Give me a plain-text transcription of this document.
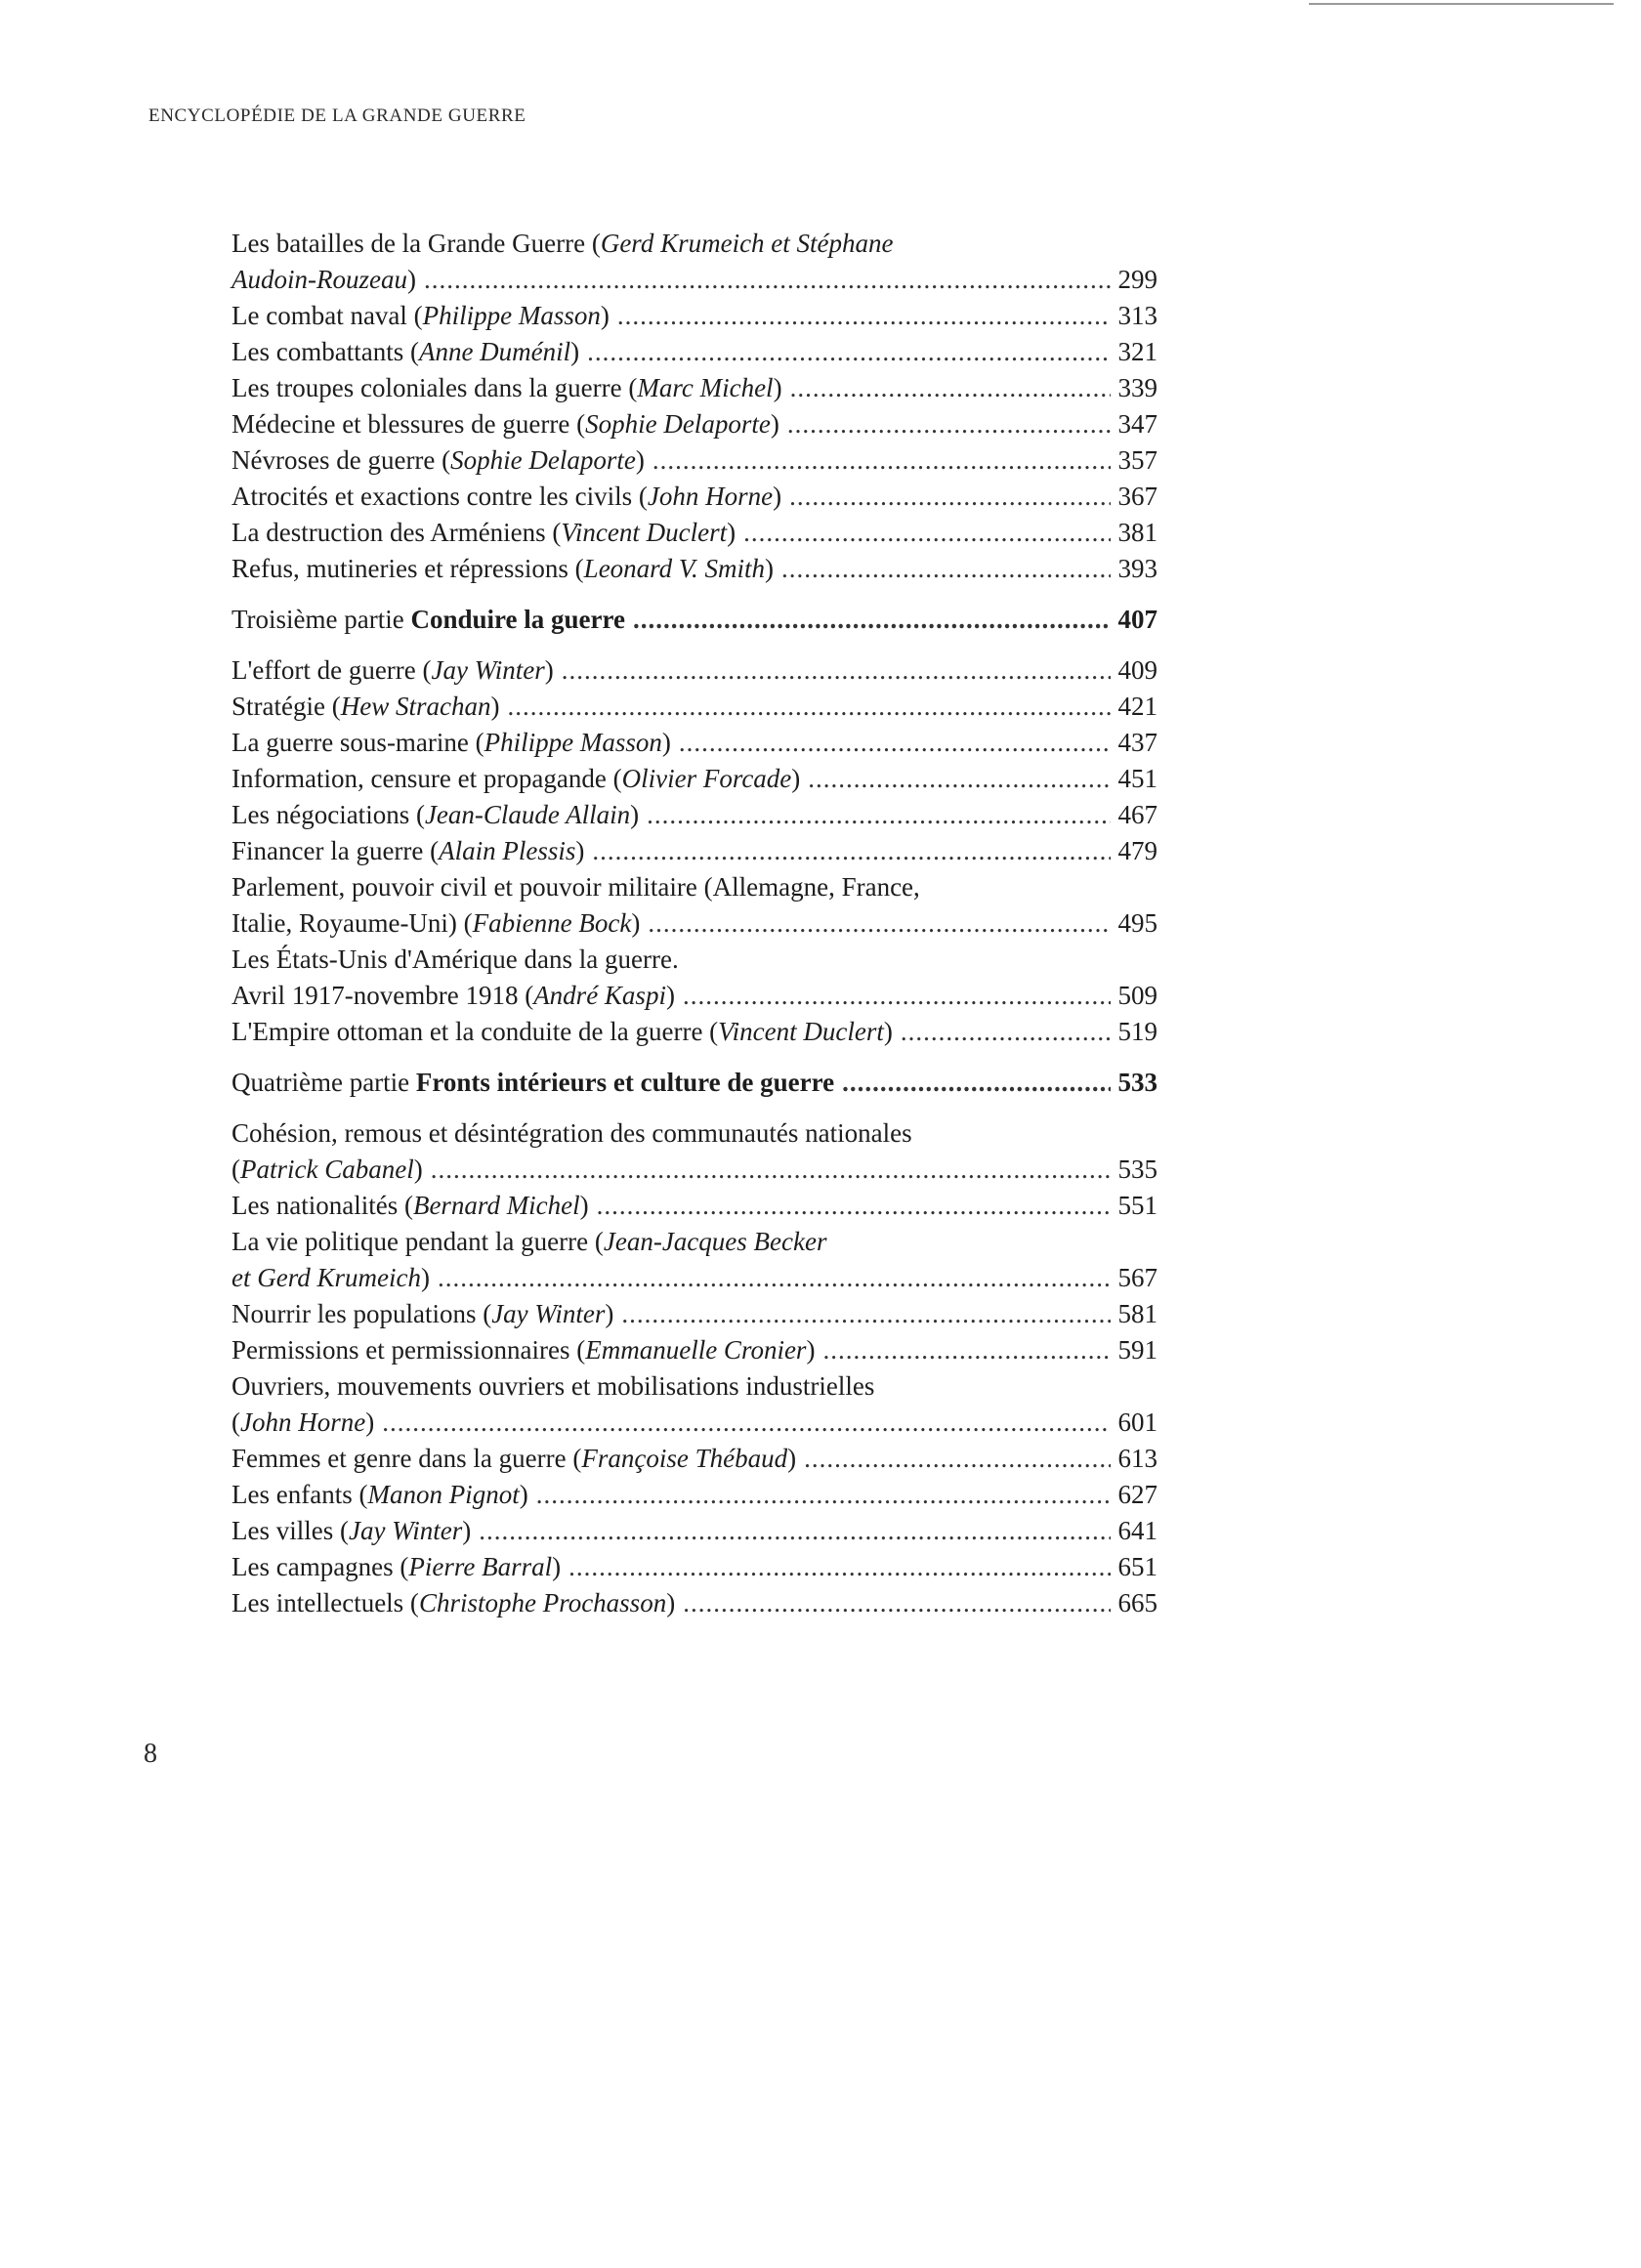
ENCYCLOPÉDIE DE LA GRANDE GUERRE
Les batailles de la Grande Guerre (Gerd Krumeich et Stéphane
Audoin-Rouzeau) .....	299
Le combat naval (Philippe Masson) .....	313
Les combattants (Anne Duménil) .....	321
Les troupes coloniales dans la guerre (Marc Michel) .....	339
Médecine et blessures de guerre (Sophie Delaporte) .....	347
Névroses de guerre (Sophie Delaporte) .....	357
Atrocités et exactions contre les civils (John Horne) .....	367
La destruction des Arméniens (Vincent Duclert) .....	381
Refus, mutineries et répressions (Leonard V. Smith) .....	393
Troisième partie Conduire la guerre .....	407
L'effort de guerre (Jay Winter) .....	409
Stratégie (Hew Strachan) .....	421
La guerre sous-marine (Philippe Masson) .....	437
Information, censure et propagande (Olivier Forcade) .....	451
Les négociations (Jean-Claude Allain) .....	467
Financer la guerre (Alain Plessis) .....	479
Parlement, pouvoir civil et pouvoir militaire (Allemagne, France,
Italie, Royaume-Uni) (Fabienne Bock) .....	495
Les États-Unis d'Amérique dans la guerre.
Avril 1917-novembre 1918 (André Kaspi) .....	509
L'Empire ottoman et la conduite de la guerre (Vincent Duclert) .....	519
Quatrième partie Fronts intérieurs et culture de guerre .....	533
Cohésion, remous et désintégration des communautés nationales
(Patrick Cabanel) .....	535
Les nationalités (Bernard Michel) .....	551
La vie politique pendant la guerre (Jean-Jacques Becker
et Gerd Krumeich) .....	567
Nourrir les populations (Jay Winter) .....	581
Permissions et permissionnaires (Emmanuelle Cronier) .....	591
Ouvriers, mouvements ouvriers et mobilisations industrielles
(John Horne) .....	601
Femmes et genre dans la guerre (Françoise Thébaud) .....	613
Les enfants (Manon Pignot) .....	627
Les villes (Jay Winter) .....	641
Les campagnes (Pierre Barral) .....	651
Les intellectuels (Christophe Prochasson) .....	665
8
